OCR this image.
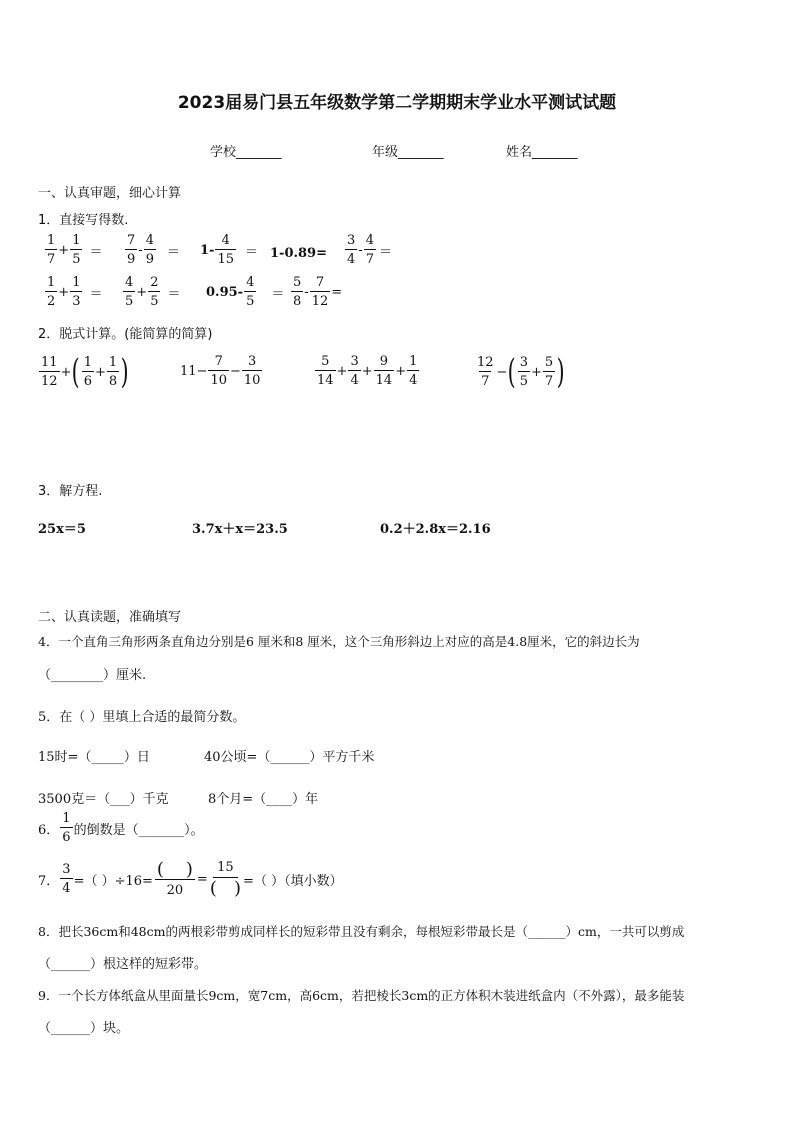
2023届易门县五年级数学第二学期期末学业水平测试试题
学校_______	年级_______	姓名_______
一、认真审题，细心计算
1．直接写得数.
$\frac{1}{7} + \frac{1}{5} = \frac{7}{9} - \frac{4}{9} = 1- \frac{4}{15} = 1-0.89= \frac{3}{4} - \frac{4}{7}$ ＝
$\frac{1}{2} + \frac{1}{3} = \frac{4}{5} + \frac{2}{5} = 0.95- \frac{4}{5} = \frac{5}{8} - \frac{7}{12}$ =
2．脱式计算。(能简算的简算)
$\frac{11}{12}$ + ( $\frac{1}{6} + \frac{1}{8}$ )	$11 - \frac{7}{10} - \frac{3}{10}$	$\frac{5}{14} + \frac{3}{4} + \frac{9}{14} + \frac{1}{4}$	$\frac{12}{7}$ − ( $\frac{3}{5} + \frac{5}{7}$ )
3．解方程.
25x＝5	3.7x＋x＝23.5	0.2＋2.8x＝2.16
二、认真读题，准确填写
4．一个直角三角形两条直角边分别是6 厘米和8 厘米，这个三角形斜边上对应的高是4.8厘米，它的斜边长为
（________）厘米.
5．在（ ）里填上合适的最简分数。
15时=（_____）日	40公顷=（______）平方千米
3500克＝（___）千克	8个月=（____）年
6． $\frac{1}{6}$ 的倒数是（_______）。
7． $\frac{3}{4}$ =（ ）÷16=
( )
20
=
15
(   ) =（ ）（填小数）
8．把长36cm和48cm的两根彩带剪成同样长的短彩带且没有剩余，每根短彩带最长是（______）cm，一共可以剪成
（______）根这样的短彩带。
9．一个长方体纸盒从里面量长9cm，宽7cm，高6cm，若把棱长3cm的正方体积木装进纸盒内（不外露），最多能装
（______）块。
